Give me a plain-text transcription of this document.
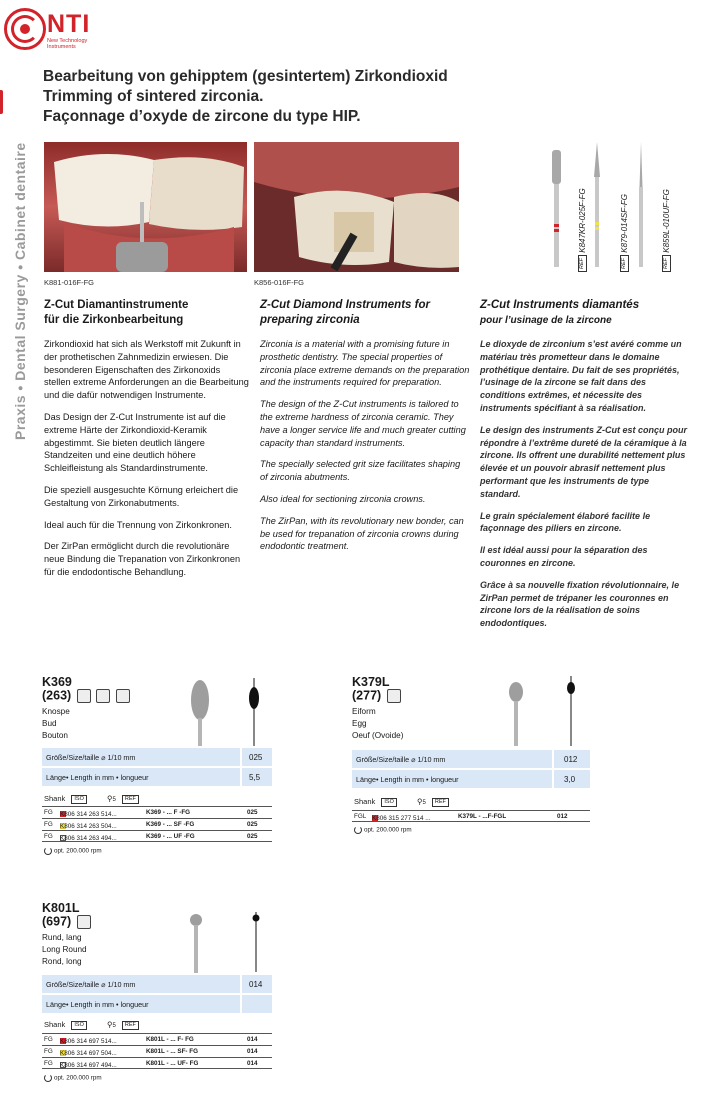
NTI
New Technology Instruments
Bearbeitung von gehipptem (gesintertem) Zirkondioxid
Trimming of sintered zirconia.
Façonnage d’oxyde de zircone du type HIP.
Praxis • Dental Surgery • Cabinet dentaire K881-016F-FG	K856-016F-FG
REF K847KR-025F-FG
REF K879-014SF-FG
REF K859L-010UF-FG
Z-Cut Diamantinstrumente
für die Zirkonbearbeitung

Zirkondioxid hat sich als Werkstoff mit Zukunft in der prothetischen Zahnmedizin erwiesen. Die besonderen Eigenschaften des Zirkonoxids stellen extreme Anforderungen an die Bearbeitung und die dafür notwendigen Instrumente.

Das Design der Z-Cut Instrumente ist auf die extreme Härte der Zirkondioxid-Keramik abgestimmt. Sie bieten deutlich längere Standzeiten und eine deutlich höhere Schleifleistung als Standardinstrumente.

Die speziell ausgesuchte Körnung erleichert die Gestaltung von Zirkonabutments.

Ideal auch für die Trennung von Zirkonkronen.

Der ZirPan ermöglicht durch die revolutionäre neue Bindung die Trepanation von Zirkonkronen für die endodontische Behandlung.

Z-Cut Diamond Instruments for
preparing zirconia

Zirconia is a material with a promising future in prosthetic dentistry. The special properties of zirconia place extreme demands on the preparation and the instruments required for preparation.

The design of the Z-Cut instruments is tailored to the extreme hardness of zirconia ceramic. They have a longer service life and much greater cutting capacity than standard instruments.

The specially selected grit size facilitates shaping of zirconia abutments.

Also ideal for sectioning zirconia crowns.

The ZirPan, with its revolutionary new bonder, can be used for trepanation of zirconia crowns during endodontic treatment.

Z-Cut Instruments diamantés
pour l’usinage de la zircone

Le dioxyde de zirconium s’est avéré comme un matériau très prometteur dans le domaine prothétique dentaire. Du fait de ses propriétés, l’usinage de la zircone se fait dans des conditions extrêmes, et nécessite des instruments spécifiant à sa réalisation.

Le design des instruments Z-Cut est conçu pour répondre à l’extrême dureté de la céramique à la zircone. Ils offrent une durabilité nettement plus élevée et un pouvoir abrasif nettement plus performant que les instruments de type standard.

Le grain spécialement élaboré facilite le façonnage des piliers en zircone.

Il est idéal aussi pour la séparation des couronnes en zircone.

Grâce à sa nouvelle fixation révolutionnaire, le ZirPan permet de trépaner les couronnes en zircone lors de la réalisation de soins endodontiques.

K369
(263)
Knospe
Bud
Bouton
Größe/Size/taille ⌀ 1/10 mm	025
Länge• Length in mm • longueur	5,5
Shank ISO	⚲5 REF
FG K806 314 263 514...	K369 - ... F -FG	025
FG K806 314 263 504...	K369 - ... SF -FG	025
FG K806 314 263 494...	K369 - ... UF -FG	025
opt. 200.000 rpm
K379L
(277)
Eiform
Egg
Oeuf (Ovoide)
Größe/Size/taille ⌀ 1/10 mm	012
Länge• Length in mm • longueur	3,0
Shank ISO	⚲5 REF
FGL K806 315 277 514 ...	K379L - ...F-FGL	012
opt. 200.000 rpm
K801L
(697)
Rund, lang
Long Round
Rond, long
Größe/Size/taille ⌀ 1/10 mm	014
Länge• Length in mm • longueur
Shank ISO	⚲5 REF
FG K806 314 697 514...	K801L - ... F- FG	014
FG K806 314 697 504...	K801L - ... SF- FG	014
FG K806 314 697 494...	K801L - ... UF- FG	014
opt. 200.000 rpm
